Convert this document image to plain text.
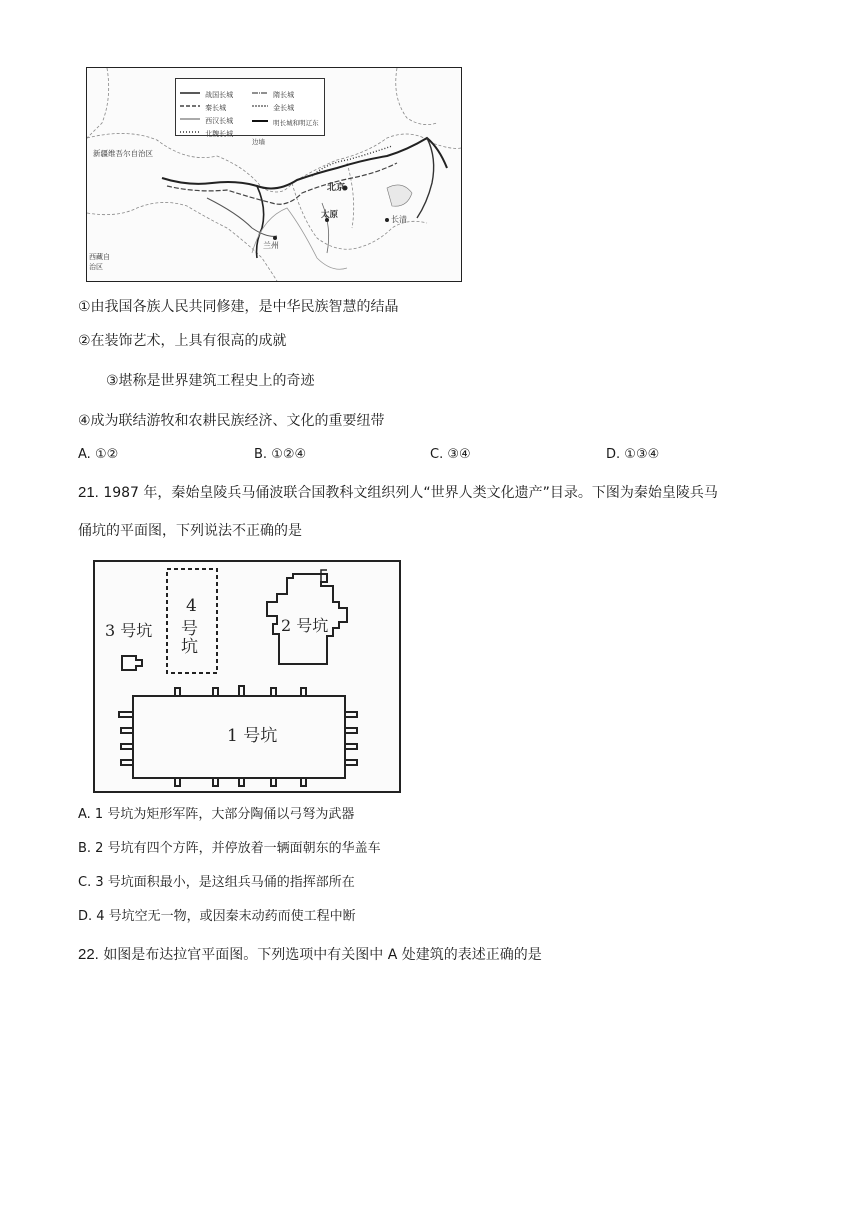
战国长城
秦长城
西汉长城
北魏长城
隋长城
金长城
明长城和明辽东边墙
新疆维吾尔自治区
西藏自治区
北京
太原
兰州
长清
①由我国各族人民共同修建，是中华民族智慧的结晶
②在装饰艺术，上具有很高的成就
③堪称是世界建筑工程史上的奇迹
④成为联结游牧和农耕民族经济、文化的重要纽带
A. ①②	B. ①②④	C. ③④	D. ①③④
21. 1987 年，秦始皇陵兵马俑波联合国教科文组织列人“世界人类文化遗产”目录。下图为秦始皇陵兵马
俑坑的平面图，下列说法不正确的是
3 号坑
4
号
坑
2 号坑
1 号坑
A. 1 号坑为矩形军阵，大部分陶俑以弓弩为武器
B. 2 号坑有四个方阵，并停放着一辆面朝东的华盖车
C. 3 号坑面积最小，是这组兵马俑的指挥部所在
D. 4 号坑空无一物，或因秦末动药而使工程中断
22. 如图是布达拉官平面图。下列选项中有关图中 A 处建筑的表述正确的是
